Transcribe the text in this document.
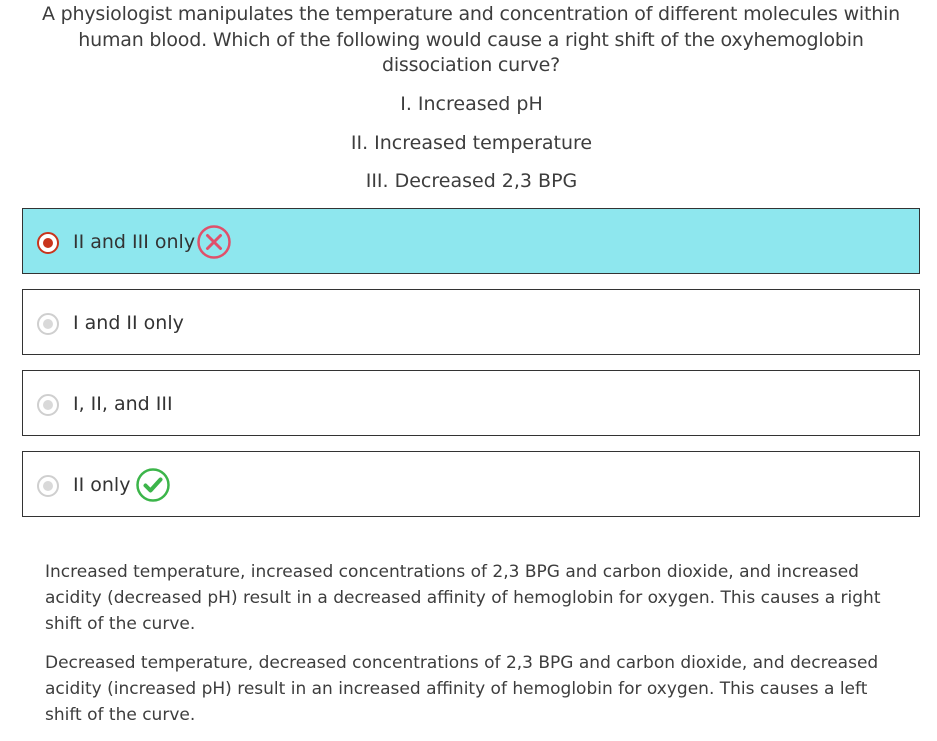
A physiologist manipulates the temperature and concentration of different molecules within human blood. Which of the following would cause a right shift of the oxyhemoglobin dissociation curve?
I. Increased pH
II. Increased temperature
III. Decreased 2,3 BPG
II and III only
I and II only
I, II, and III
II only

Increased temperature, increased concentrations of 2,3 BPG and carbon dioxide, and increased acidity (decreased pH) result in a decreased affinity of hemoglobin for oxygen. This causes a right shift of the curve.

Decreased temperature, decreased concentrations of 2,3 BPG and carbon dioxide, and decreased acidity (increased pH) result in an increased affinity of hemoglobin for oxygen. This causes a left shift of the curve.
